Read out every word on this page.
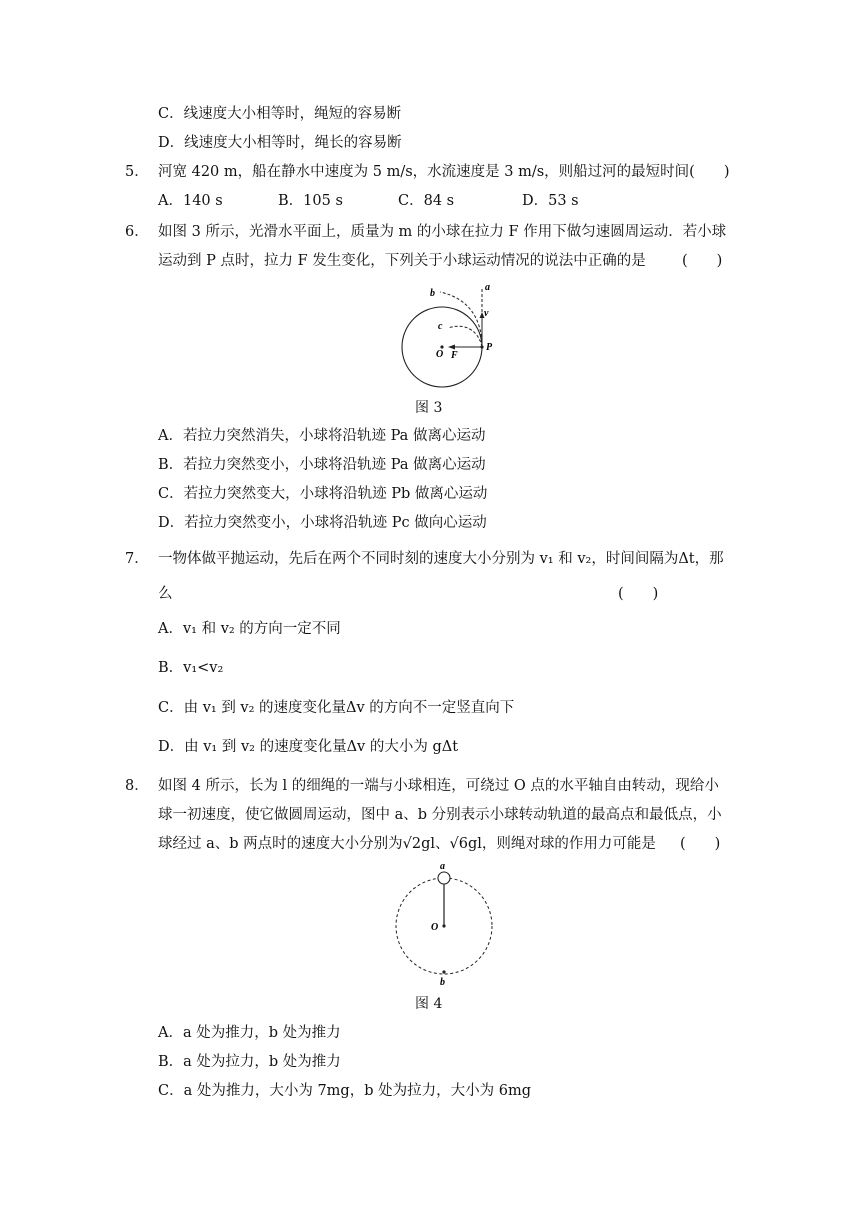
C．线速度大小相等时，绳短的容易断
D．线速度大小相等时，绳长的容易断
5． 河宽 420 m，船在静水中速度为 5 m/s，水流速度是 3 m/s，则船过河的最短时间(　　)
A．140 s	B．105 s	C．84 s	D．53 s
6． 如图 3 所示，光滑水平面上，质量为 m 的小球在拉力 F 作用下做匀速圆周运动．若小球
运动到 P 点时，拉力 F 发生变化，下列关于小球运动情况的说法中正确的是 (　　)
a
b
c
v
O F
P
图 3
A．若拉力突然消失，小球将沿轨迹 Pa 做离心运动
B．若拉力突然变小，小球将沿轨迹 Pa 做离心运动
C．若拉力突然变大，小球将沿轨迹 Pb 做离心运动
D．若拉力突然变小，小球将沿轨迹 Pc 做向心运动
7． 一物体做平抛运动，先后在两个不同时刻的速度大小分别为 v₁ 和 v₂，时间间隔为Δt，那
么	(　　)
A．v₁ 和 v₂ 的方向一定不同
B．v₁<v₂
C．由 v₁ 到 v₂ 的速度变化量Δv 的方向不一定竖直向下
D．由 v₁ 到 v₂ 的速度变化量Δv 的大小为 gΔt
8． 如图 4 所示，长为 l 的细绳的一端与小球相连，可绕过 O 点的水平轴自由转动，现给小
球一初速度，使它做圆周运动，图中 a、b 分别表示小球转动轨道的最高点和最低点，小
球经过 a、b 两点时的速度大小分别为√2gl、√6gl，则绳对球的作用力可能是 (　　)
a
O
b
图 4
A．a 处为推力，b 处为推力
B．a 处为拉力，b 处为推力
C．a 处为推力，大小为 7mg，b 处为拉力，大小为 6mg
